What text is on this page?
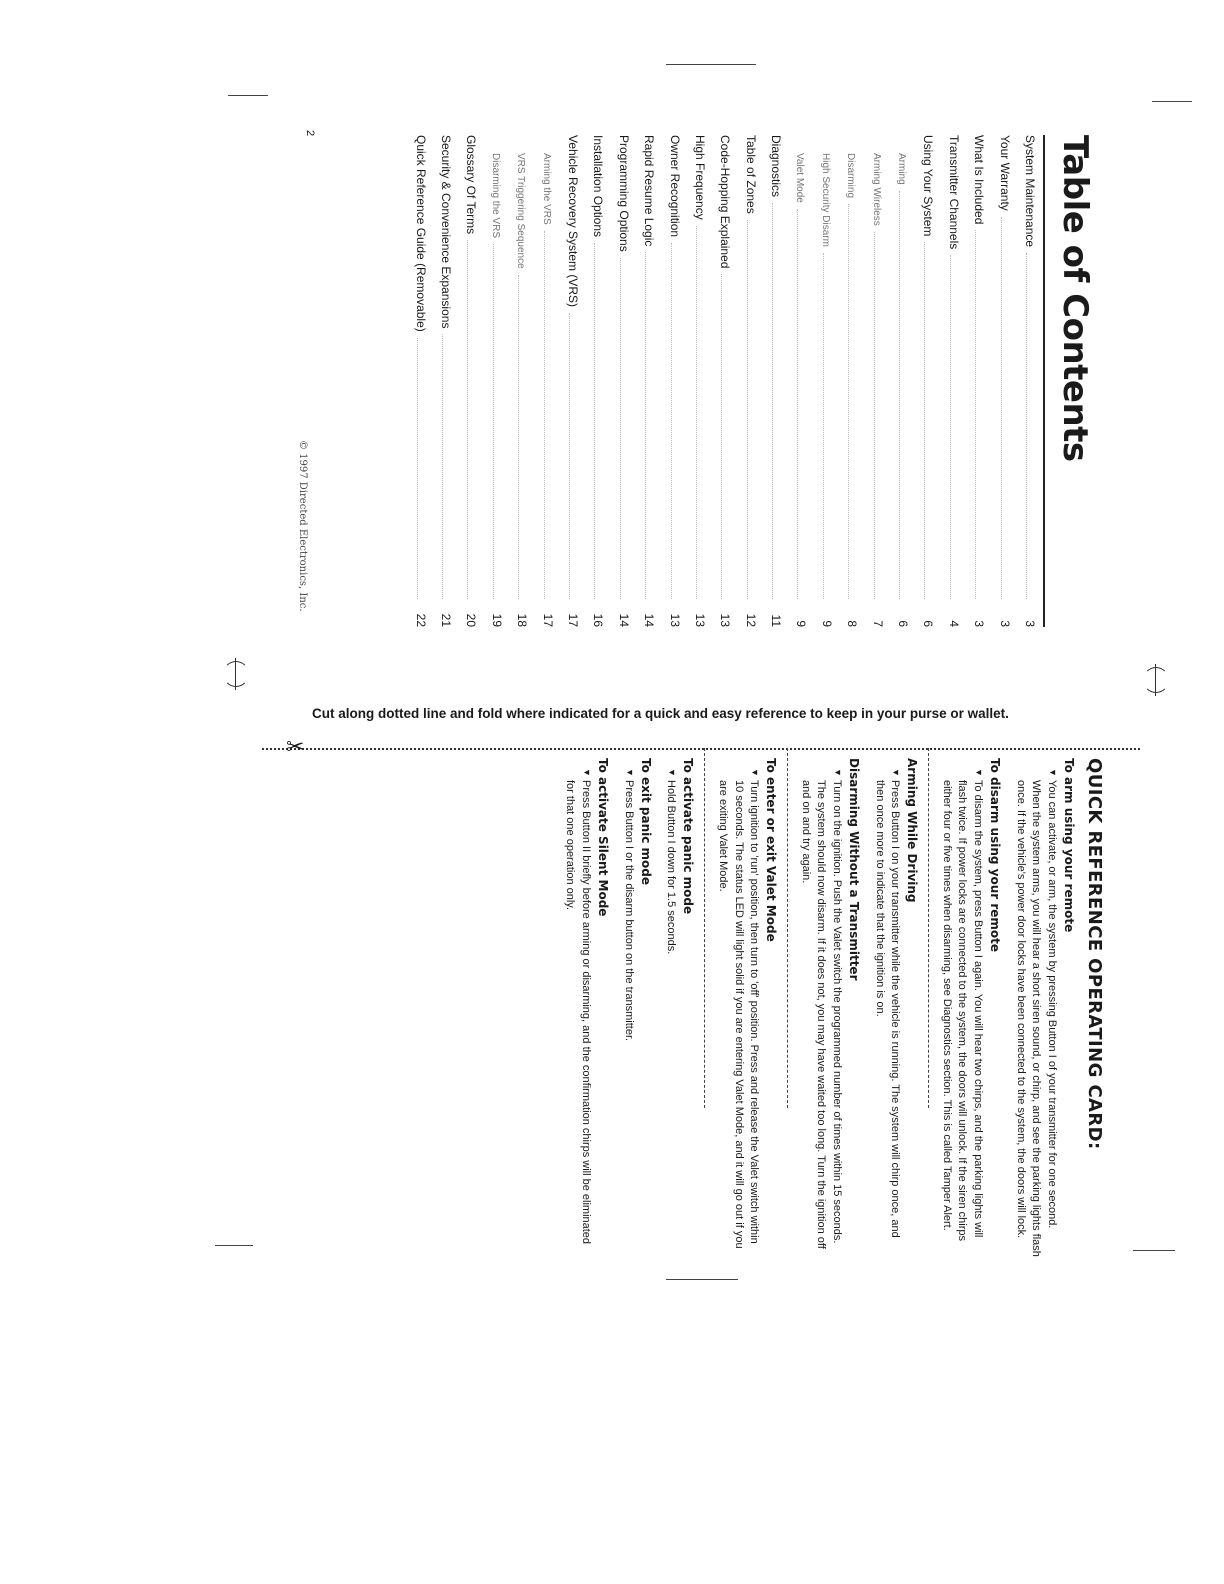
Table of Contents
System Maintenance
3
Your Warranty
3
What Is Included
3
Transmitter Channels
4
Using Your System
6
Arming
6
Arming Wireless
7
Disarming
8
High Security Disarm
9
Valet Mode
9
Diagnostics
11
Table of Zones
12
Code-Hopping Explained
13
High Frequency
13
Owner Recognition
13
Rapid Resume Logic
14
Programming Options
14
Installation Options
16
Vehicle Recovery System (VRS)
17
Arming the VRS
17
VRS Triggering Sequence
18
Disarming the VRS
19
Glossary Of Terms
20
Security & Convenience Expansions
21
Quick Reference Guide (Removable)
22
2
© 1997 Directed Electronics, Inc.

Cut along dotted line and fold where indicated for a quick and easy reference to keep in your purse or wallet.

✂
QUICK REFERENCE OPERATING CARD:
To arm using your remote

▼ You can activate, or arm, the system by pressing Button I of your transmitter for one second. When the system arms, you will hear a short siren sound, or chirp, and see the parking lights flash once. If the vehicle's power door locks have been connected to the system, the doors will lock.

To disarm using your remote

▼ To disarm the system, press Button I again. You will hear two chirps, and the parking lights will flash twice. If power locks are connected to the system, the doors will unlock. If the siren chirps either four or five times when disarming, see Diagnostics section. This is called Tamper Alert.

Arming While Driving

▼ Press Button I on your transmitter while the vehicle is running. The system will chirp once, and then once more to indicate that the ignition is on.

Disarming Without a Transmitter

▼ Turn on the ignition. Push the Valet switch the programmed number of times within 15 seconds. The system should now disarm. If it does not, you may have waited too long. Turn the ignition off and on and try again.

To enter or exit Valet Mode

▼ Turn ignition to 'run' position, then turn to 'off' position. Press and release the Valet switch within 10 seconds. The status LED will light solid if you are entering Valet Mode, and it will go out if you are exiting Valet Mode.

To activate panic mode

▼ Hold Button I down for 1.5 seconds.

To exit panic mode

▼ Press Button I or the disarm button on the transmitter.

To activate Silent Mode

▼ Press Button II briefly before arming or disarming, and the confirmation chirps will be eliminated for that one operation only.
